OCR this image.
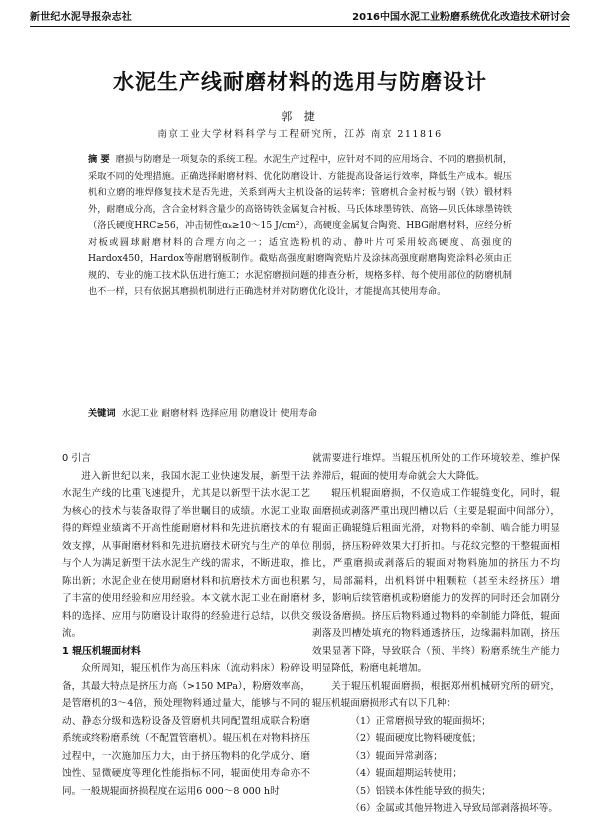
新世纪水泥导报杂志社	2016中国水泥工业粉磨系统优化改造技术研讨会
水泥生产线耐磨材料的选用与防磨设计
郭 捷
南京工业大学材料科学与工程研究所，江苏 南京 211816
摘 要 磨损与防磨是一项复杂的系统工程。水泥生产过程中，应针对不同的应用场合、不同的磨损机制，采取不同的处理措施。正确选择耐磨材料、优化防磨设计、方能提高设备运行效率，降低生产成本。辊压机和立磨的堆焊修复技术是否先进，关系到两大主机设备的运转率；管磨机合金衬板与钢（铁）锻材料外，耐磨成分高，含合金材料含量少的高铬铸铁金属复合衬板、马氏体球墨铸铁、高铬—贝氏体球墨铸铁（洛氏硬度HRC≥56，冲击韧性αₖ≥10～15 J/cm²），高硬度金属复合陶瓷、HBG耐磨材料，应经分析对板或圆球耐磨材料的合理方向之一；适宜选粉机的动、静叶片可采用较高硬度、高强度的Hardox450，Hardox等耐磨钢板制作。截贴高强度耐磨陶瓷贴片及涂抹高强度耐磨陶瓷涂料必须由正规的、专业的施工技术队伍进行施工；水泥窑磨损问题的排查分析，规格多样、每个使用部位的防磨机制也不一样，只有依据其磨损机制进行正确选材并对防磨优化设计，才能提高其使用寿命。
关键词 水泥工业 耐磨材料 选择应用 防磨设计 使用寿命

0 引言

进入新世纪以来，我国水泥工业快速发展，新型干法水泥生产线的比重飞速提升，尤其是以新型干法水泥工艺为核心的技术与装备取得了举世瞩目的成绩。水泥工业取得的辉煌业绩离不开高性能耐磨材料和先进抗磨技术的有效支撑，从事耐磨材料和先进抗磨技术研究与生产的单位与个人为满足新型干法水泥生产线的需求，不断进取，推陈出新；水泥企业在使用耐磨材料和抗磨技术方面也积累了丰富的使用经验和应用经验。本文就水泥工业在耐磨材料的选择、应用与防磨设计取得的经验进行总结，以供交流。

1 辊压机辊面材料

众所周知，辊压机作为高压料床（流动料床）粉碎设备，其最大特点是挤压力高（>150 MPa），粉磨效率高，是管磨机的3～4倍，预处理物料通过量大，能够与不同的动、静态分级和选粉设备及管磨机共同配置组成联合粉磨系统或终粉磨系统（不配置管磨机）。辊压机在对物料挤压过程中，一次施加压力大，由于挤压物料的化学成分、磨蚀性、显微硬度等理化性能指标不同，辊面使用寿命亦不同。一般规辊面挤损程度在运用6 000～8 000 h时

就需要进行堆焊。当辊压机所处的工作环境较差、维护保养滞后，辊面的使用寿命就会大大降低。

辊压机辊面磨损，不仅造成工作辊缝变化，同时，辊面磨损或剥落严重出现凹槽以后（主要是辊面中间部分），辊面正确辊缝后粗面光滑，对物料的牵制、啮合能力明显削弱，挤压粉碎效果大打折扣。与花纹完整的干整辊面相比，严重磨损或剥落后的辊面对物料施加的挤压力不均匀，局部漏料，出机料饼中粗颗粒（甚至未经挤压）增多，影响后续管磨机或粉磨能力的发挥的同时还会加剧分级设备磨损。挤压后物料通过物料的牵制能力降低，辊面剥落及凹槽处填充的物料通透挤压，边缘漏料加剧，挤压效果显著下降，导致联合（预、半终）粉磨系统生产能力明显降低，粉磨电耗增加。

关于辊压机辊面磨损，根据郑州机械研究所的研究，辊压机辊面磨损形式有以下几种：

（1）正常磨损导致的辊面损坏；

（2）辊面硬度比物料硬度低；

（3）辊面异常剥落；

（4）辊面超期运转使用；

（5）铝镁本体性能导致的损失；

（6）金属或其他异物进入导致局部剥落损坏等。
